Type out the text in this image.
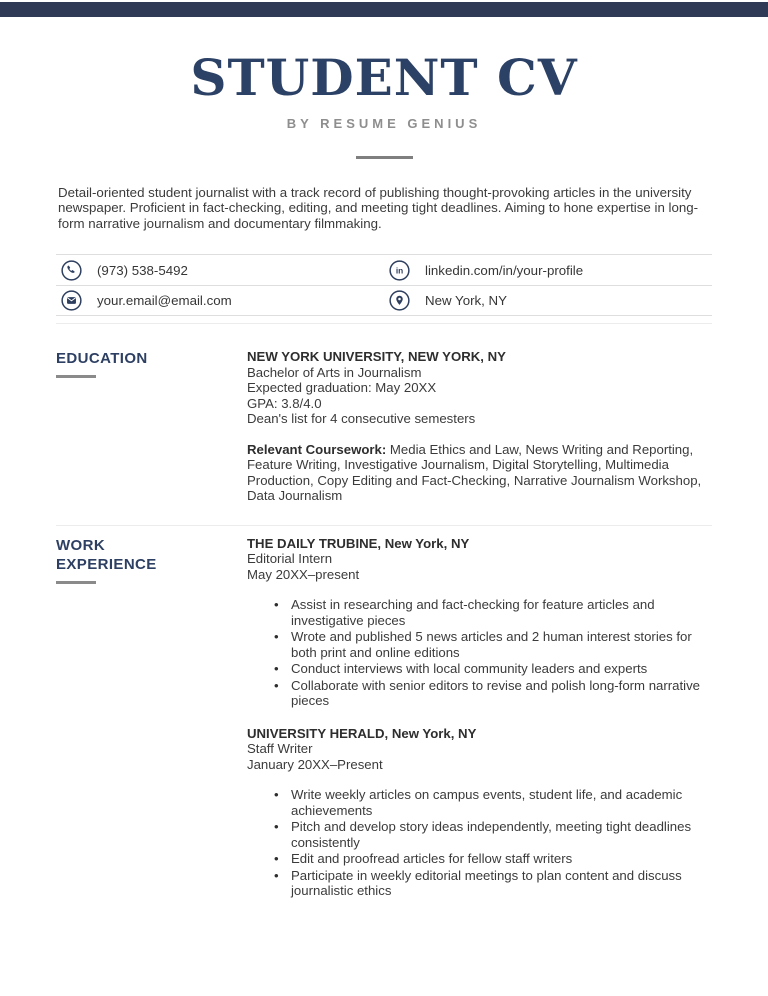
STUDENT CV
BY RESUME GENIUS

Detail-oriented student journalist with a track record of publishing thought-provoking articles in the university newspaper. Proficient in fact-checking, editing, and meeting tight deadlines. Aiming to hone expertise in long-form narrative journalism and documentary filmmaking.

(973) 538-5492	in linkedin.com/in/your-profile
your.email@email.com	New York, NY
EDUCATION	NEW YORK UNIVERSITY, NEW YORK, NY

Bachelor of Arts in Journalism

Expected graduation: May 20XX

GPA: 3.8/4.0

Dean's list for 4 consecutive semesters

Relevant Coursework: Media Ethics and Law, News Writing and Reporting, Feature Writing, Investigative Journalism, Digital Storytelling, Multimedia Production, Copy Editing and Fact-Checking, Narrative Journalism Workshop, Data Journalism

WORK
EXPERIENCE

THE DAILY TRUBINE, New York, NY

Editorial Intern

May 20XX–present

• Assist in researching and fact-checking for feature articles and investigative pieces
• Wrote and published 5 news articles and 2 human interest stories for both print and online editions
• Conduct interviews with local community leaders and experts
• Collaborate with senior editors to revise and polish long-form narrative pieces

UNIVERSITY HERALD, New York, NY

Staff Writer

January 20XX–Present

• Write weekly articles on campus events, student life, and academic achievements
• Pitch and develop story ideas independently, meeting tight deadlines consistently
• Edit and proofread articles for fellow staff writers
• Participate in weekly editorial meetings to plan content and discuss journalistic ethics
